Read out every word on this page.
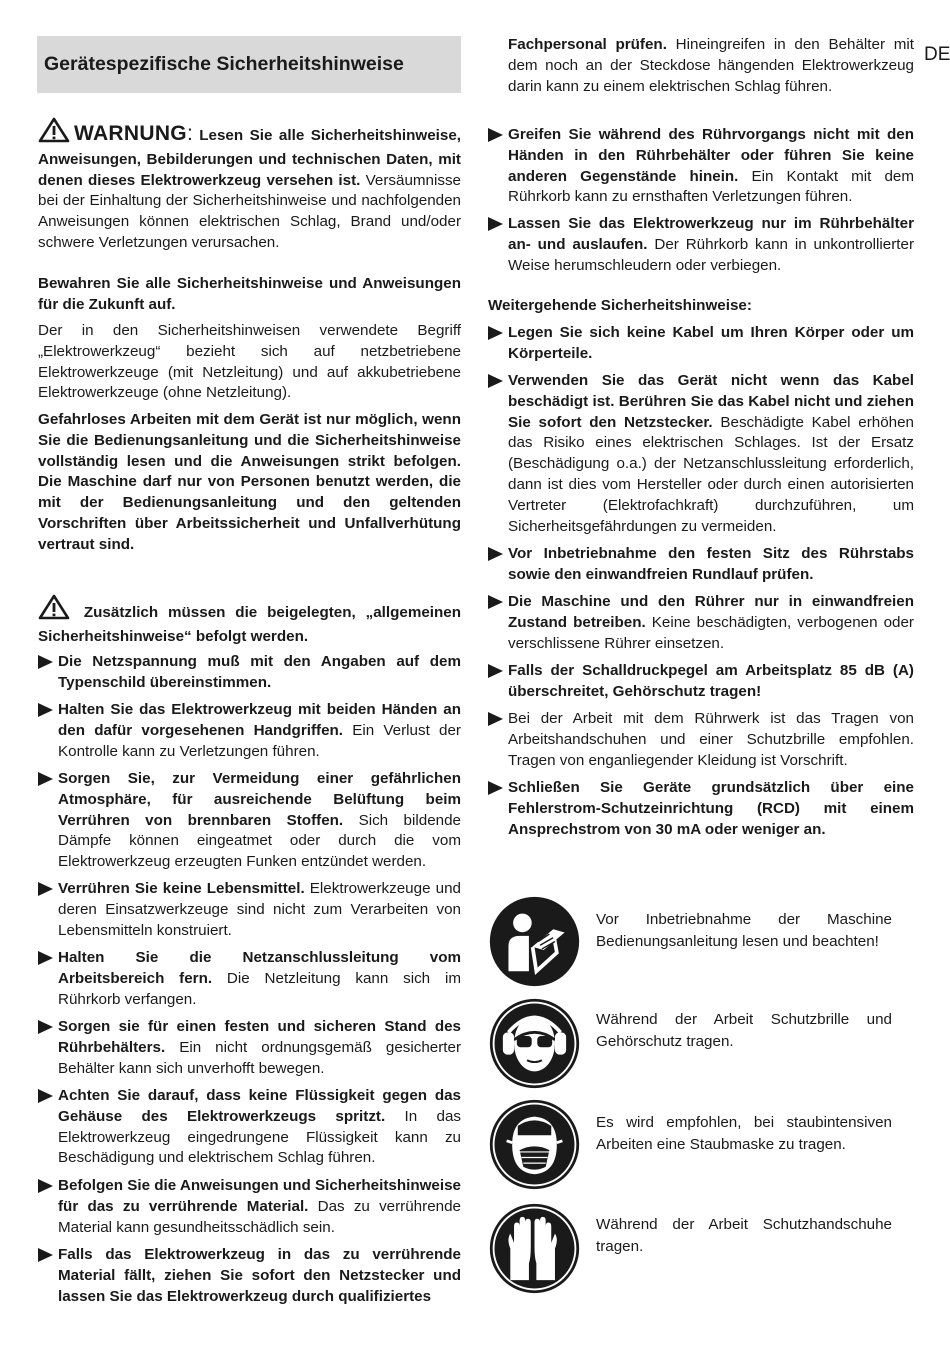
DE
Gerätespezifische Sicherheitshinweise

WARNUNG: Lesen Sie alle Sicherheitshinweise, Anweisungen, Bebilderungen und technischen Daten, mit denen dieses Elektrowerkzeug versehen ist. Versäumnisse bei der Einhaltung der Sicherheitshinweise und nachfolgenden Anweisungen können elektrischen Schlag, Brand und/oder schwere Verletzungen verursachen.

Bewahren Sie alle Sicherheitshinweise und Anweisungen für die Zukunft auf.

Der in den Sicherheitshinweisen verwendete Begriff „Elektrowerkzeug“ bezieht sich auf netzbetriebene Elektrowerkzeuge (mit Netzleitung) und auf akkubetriebene Elektrowerkzeuge (ohne Netzleitung).

Gefahrloses Arbeiten mit dem Gerät ist nur möglich, wenn Sie die Bedienungsanleitung und die Sicherheitshinweise vollständig lesen und die Anweisungen strikt befolgen. Die Maschine darf nur von Personen benutzt werden, die mit der Bedienungsanleitung und den geltenden Vorschriften über Arbeitssicherheit und Unfallverhütung vertraut sind.

Zusätzlich müssen die beigelegten, „allgemeinen Sicherheitshinweise“ befolgt werden.

Die Netzspannung muß mit den Angaben auf dem Typenschild übereinstimmen.

Halten Sie das Elektrowerkzeug mit beiden Händen an den dafür vorgesehenen Handgriffen. Ein Verlust der Kontrolle kann zu Verletzungen führen.

Sorgen Sie, zur Vermeidung einer gefährlichen Atmosphäre, für ausreichende Belüftung beim Verrühren von brennbaren Stoffen. Sich bildende Dämpfe können eingeatmet oder durch die vom Elektrowerkzeug erzeugten Funken entzündet werden.

Verrühren Sie keine Lebensmittel. Elektrowerkzeuge und deren Einsatzwerkzeuge sind nicht zum Verarbeiten von Lebensmitteln konstruiert.

Halten Sie die Netzanschlussleitung vom Arbeitsbereich fern. Die Netzleitung kann sich im Rührkorb verfangen.

Sorgen sie für einen festen und sicheren Stand des Rührbehälters. Ein nicht ordnungsgemäß gesicherter Behälter kann sich unverhofft bewegen.

Achten Sie darauf, dass keine Flüssigkeit gegen das Gehäuse des Elektrowerkzeugs spritzt. In das Elektrowerkzeug eingedrungene Flüssigkeit kann zu Beschädigung und elektrischem Schlag führen.

Befolgen Sie die Anweisungen und Sicherheitshinweise für das zu verrührende Material. Das zu verrührende Material kann gesundheitsschädlich sein.

Falls das Elektrowerkzeug in das zu verrührende Material fällt, ziehen Sie sofort den Netzstecker und lassen Sie das Elektrowerkzeug durch qualifiziertes

Fachpersonal prüfen. Hineingreifen in den Behälter mit dem noch an der Steckdose hängenden Elektrowerkzeug darin kann zu einem elektrischen Schlag führen.

Greifen Sie während des Rührvorgangs nicht mit den Händen in den Rührbehälter oder führen Sie keine anderen Gegenstände hinein. Ein Kontakt mit dem Rührkorb kann zu ernsthaften Verletzungen führen.

Lassen Sie das Elektrowerkzeug nur im Rührbehälter an- und auslaufen. Der Rührkorb kann in unkontrollierter Weise herumschleudern oder verbiegen.

Weitergehende Sicherheitshinweise:

Legen Sie sich keine Kabel um Ihren Körper oder um Körperteile.

Verwenden Sie das Gerät nicht wenn das Kabel beschädigt ist. Berühren Sie das Kabel nicht und ziehen Sie sofort den Netzstecker. Beschädigte Kabel erhöhen das Risiko eines elektrischen Schlages. Ist der Ersatz (Beschädigung o.a.) der Netzanschlussleitung erforderlich, dann ist dies vom Hersteller oder durch einen autorisierten Vertreter (Elektrofachkraft) durchzuführen, um Sicherheitsgefährdungen zu vermeiden.

Vor Inbetriebnahme den festen Sitz des Rührstabs sowie den einwandfreien Rundlauf prüfen.

Die Maschine und den Rührer nur in einwandfreien Zustand betreiben. Keine beschädigten, verbogenen oder verschlissene Rührer einsetzen.

Falls der Schalldruckpegel am Arbeitsplatz 85 dB (A) überschreitet, Gehörschutz tragen!

Bei der Arbeit mit dem Rührwerk ist das Tragen von Arbeitshandschuhen und einer Schutzbrille empfohlen. Tragen von enganliegender Kleidung ist Vorschrift.

Schließen Sie Geräte grundsätzlich über eine Fehlerstrom-Schutzeinrichtung (RCD) mit einem Ansprechstrom von 30 mA oder weniger an.

Vor Inbetriebnahme der Maschine Bedienungsanleitung lesen und beachten!
Während der Arbeit Schutzbrille und Gehörschutz tragen.
Es wird empfohlen, bei staubintensiven Arbeiten eine Staubmaske zu tragen.
Während der Arbeit Schutzhandschuhe tragen.
